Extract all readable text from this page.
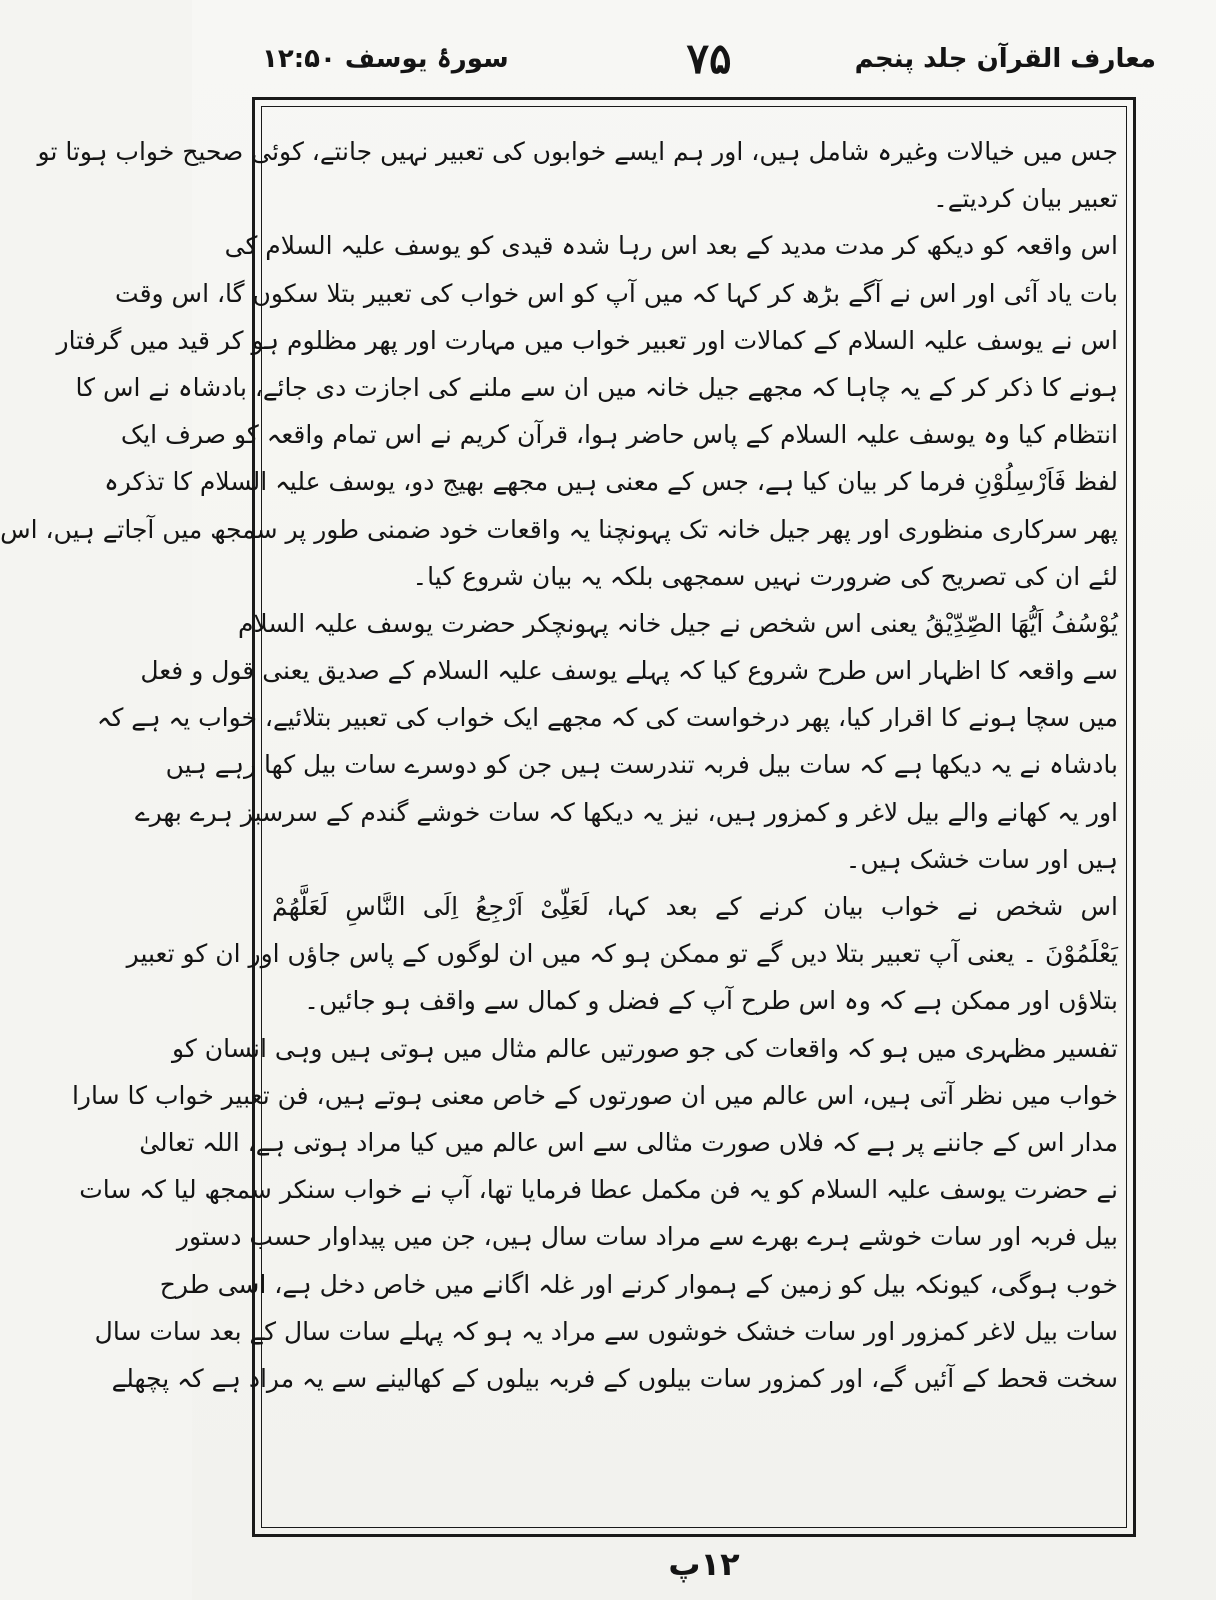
معارف القرآن جلد پنجم
۷۵
سورۂ یوسف ۱۲:۵۰
جس میں خیالات وغیرہ شامل ہیں، اور ہم ایسے خوابوں کی تعبیر نہیں جانتے، کوئی صحیح خواب ہوتا تو
تعبیر بیان کردیتے۔
اس واقعہ کو دیکھ کر مدت مدید کے بعد اس رہا شدہ قیدی کو یوسف علیہ السلام کی
بات یاد آئی اور اس نے آگے بڑھ کر کہا کہ میں آپ کو اس خواب کی تعبیر بتلا سکوں گا، اس وقت
اس نے یوسف علیہ السلام کے کمالات اور تعبیر خواب میں مہارت اور پھر مظلوم ہو کر قید میں گرفتار
ہونے کا ذکر کر کے یہ چاہا کہ مجھے جیل خانہ میں ان سے ملنے کی اجازت دی جائے، بادشاہ نے اس کا
انتظام کیا وہ یوسف علیہ السلام کے پاس حاضر ہوا، قرآن کریم نے اس تمام واقعہ کو صرف ایک
لفظ فَاَرْسِلُوْنِ فرما کر بیان کیا ہے، جس کے معنی ہیں مجھے بھیج دو، یوسف علیہ السلام کا تذکرہ
پھر سرکاری منظوری اور پھر جیل خانہ تک پہونچنا یہ واقعات خود ضمنی طور پر سمجھ میں آجاتے ہیں، اس
لئے ان کی تصریح کی ضرورت نہیں سمجھی بلکہ یہ بیان شروع کیا۔
یُوْسُفُ اَیُّهَا الصِّدِّيْقُ یعنی اس شخص نے جیل خانہ پہونچکر حضرت یوسف علیہ السلام
سے واقعہ کا اظہار اس طرح شروع کیا کہ پہلے یوسف علیہ السلام کے صدیق یعنی قول و فعل
میں سچا ہونے کا اقرار کیا، پھر درخواست کی کہ مجھے ایک خواب کی تعبیر بتلائیے، خواب یہ ہے کہ
بادشاہ نے یہ دیکھا ہے کہ سات بیل فربہ تندرست ہیں جن کو دوسرے سات بیل کھا رہے ہیں
اور یہ کھانے والے بیل لاغر و کمزور ہیں، نیز یہ دیکھا کہ سات خوشے گندم کے سرسبز ہرے بھرے
ہیں اور سات خشک ہیں۔
اس شخص نے خواب بیان کرنے کے بعد کہا، لَعَلِّیْ اَرْجِعُ اِلَی النَّاسِ لَعَلَّهُمْ
یَعْلَمُوْنَ ۔ یعنی آپ تعبیر بتلا دیں گے تو ممکن ہو کہ میں ان لوگوں کے پاس جاؤں اور ان کو تعبیر
بتلاؤں اور ممکن ہے کہ وہ اس طرح آپ کے فضل و کمال سے واقف ہو جائیں۔
تفسیر مظہری میں ہو کہ واقعات کی جو صورتیں عالم مثال میں ہوتی ہیں وہی انسان کو
خواب میں نظر آتی ہیں، اس عالم میں ان صورتوں کے خاص معنی ہوتے ہیں، فن تعبیر خواب کا سارا
مدار اس کے جاننے پر ہے کہ فلاں صورت مثالی سے اس عالم میں کیا مراد ہوتی ہے، اللہ تعالیٰ
نے حضرت یوسف علیہ السلام کو یہ فن مکمل عطا فرمایا تھا، آپ نے خواب سنکر سمجھ لیا کہ سات
بیل فربہ اور سات خوشے ہرے بھرے سے مراد سات سال ہیں، جن میں پیداوار حسب دستور
خوب ہوگی، کیونکہ بیل کو زمین کے ہموار کرنے اور غلہ اگانے میں خاص دخل ہے، اسی طرح
سات بیل لاغر کمزور اور سات خشک خوشوں سے مراد یہ ہو کہ پہلے سات سال کے بعد سات سال
سخت قحط کے آئیں گے، اور کمزور سات بیلوں کے فربہ بیلوں کے کھالینے سے یہ مراد ہے کہ پچھلے
۱۲پ
